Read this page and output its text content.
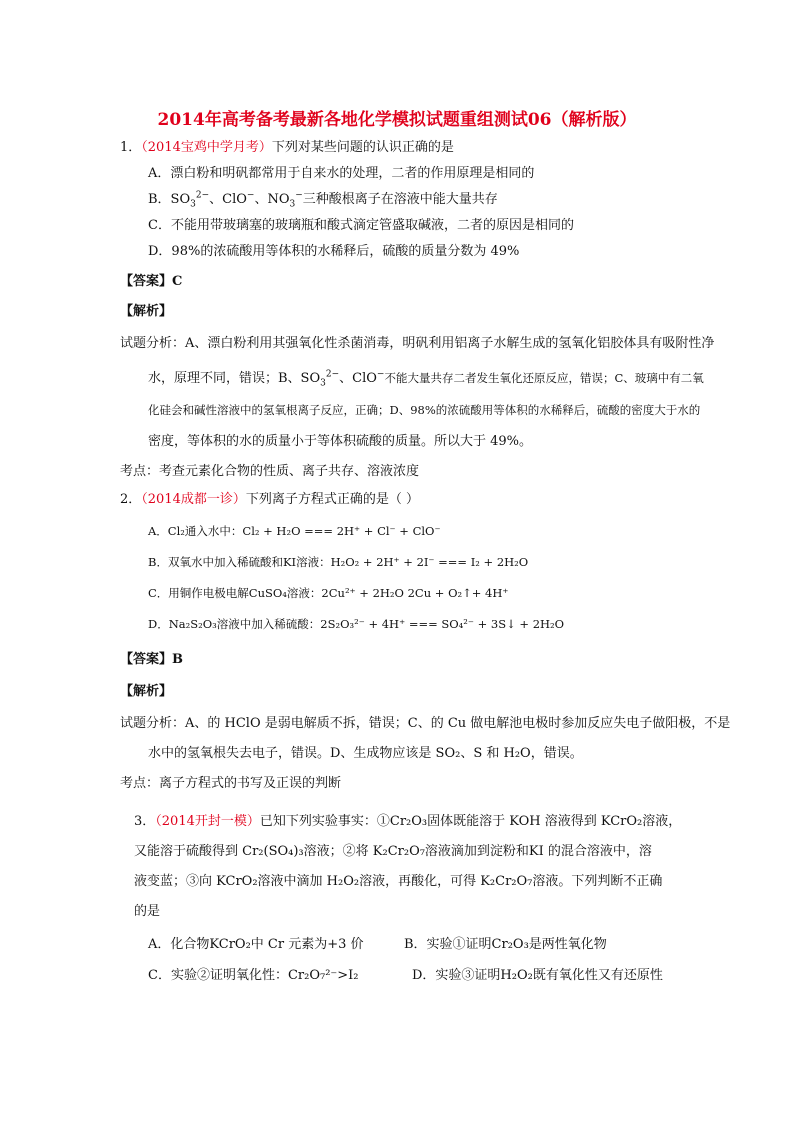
2014年高考备考最新各地化学模拟试题重组测试06（解析版）
1．（2014宝鸡中学月考）下列对某些问题的认识正确的是
A．漂白粉和明矾都常用于自来水的处理，二者的作用原理是相同的
B．$SO_3^{2-}$、ClO−、$NO_3^-$三种酸根离子在溶液中能大量共存
C．不能用带玻璃塞的玻璃瓶和酸式滴定管盛取碱液，二者的原因是相同的
D．98%的浓硫酸用等体积的水稀释后，硫酸的质量分数为 49%
【答案】C
【解析】
试题分析：A、漂白粉利用其强氧化性杀菌消毒，明矾利用铝离子水解生成的氢氧化铝胶体具有吸附性净
水，原理不同，错误；B、$SO_3^{2-}$、ClO−不能大量共存二者发生氧化还原反应，错误；C、玻璃中有二氧
化硅会和碱性溶液中的氢氧根离子反应，正确；D、98%的浓硫酸用等体积的水稀释后，硫酸的密度大于水的
密度，等体积的水的质量小于等体积硫酸的质量。所以大于 49%。
考点：考查元素化合物的性质、离子共存、溶液浓度
2．（2014成都一诊）下列离子方程式正确的是（ ）
A．Cl₂通入水中：Cl₂ + H₂O === 2H⁺ + Cl⁻ + ClO⁻
B．双氧水中加入稀硫酸和KI溶液：H₂O₂ + 2H⁺ + 2I⁻ === I₂ + 2H₂O
C．用铜作电极电解CuSO₄溶液：2Cu²⁺ + 2H₂O 2Cu + O₂↑+ 4H⁺
D．Na₂S₂O₃溶液中加入稀硫酸：2S₂O₃²⁻ + 4H⁺ === SO₄²⁻ + 3S↓ + 2H₂O
【答案】B
【解析】
试题分析：A、的 HClO 是弱电解质不拆，错误；C、的 Cu 做电解池电极时参加反应失电子做阳极，不是
水中的氢氧根失去电子，错误。D、生成物应该是 SO₂、S 和 H₂O，错误。
考点：离子方程式的书写及正误的判断
3．（2014开封一模）已知下列实验事实：①Cr₂O₃固体既能溶于 KOH 溶液得到 KCrO₂溶液，
又能溶于硫酸得到 Cr₂(SO₄)₃溶液；②将 K₂Cr₂O₇溶液滴加到淀粉和KI 的混合溶液中，溶
液变蓝；③向 KCrO₂溶液中滴加 H₂O₂溶液，再酸化，可得 K₂Cr₂O₇溶液。下列判断不正确
的是
A．化合物KCrO₂中 Cr 元素为+3 价	B．实验①证明Cr₂O₃是两性氧化物
C．实验②证明氧化性：Cr₂O₇²⁻>I₂	D．实验③证明H₂O₂既有氧化性又有还原性
